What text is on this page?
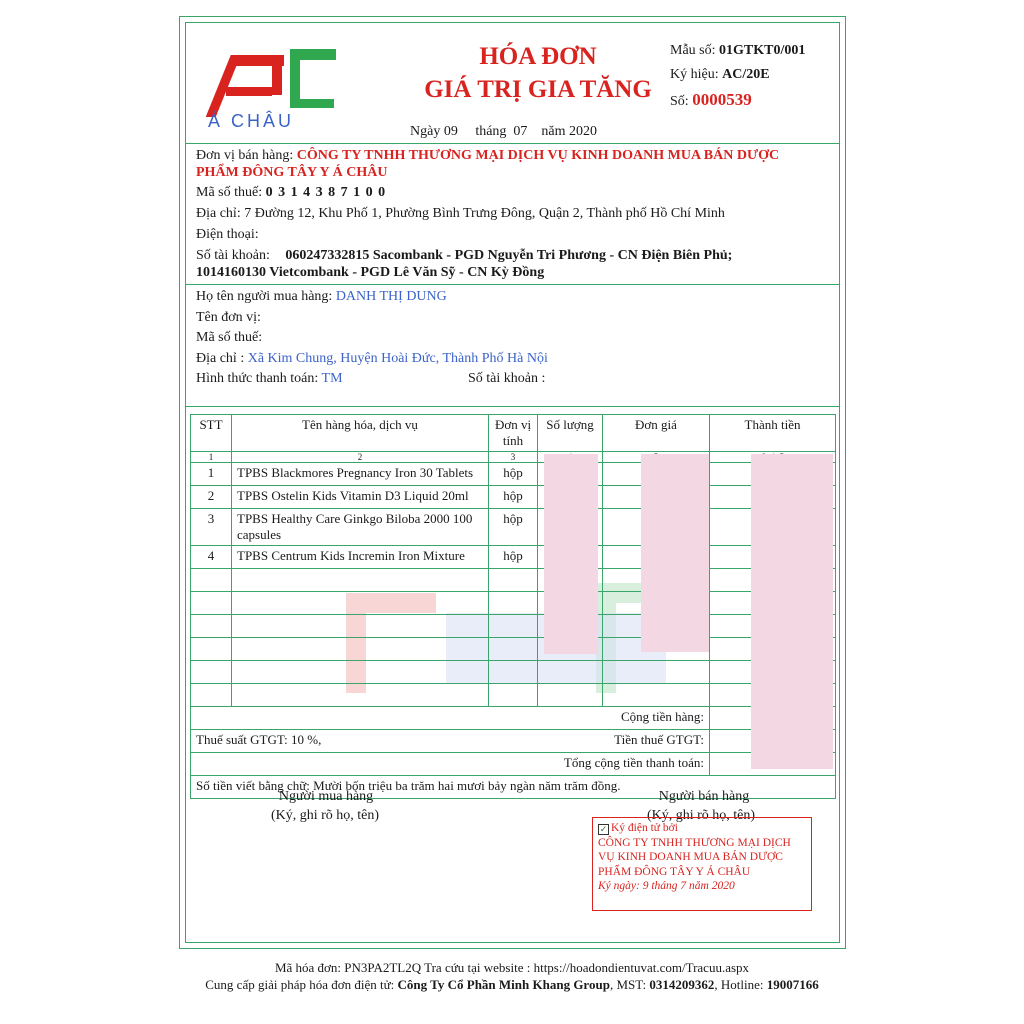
Á CHÂU
HÓA ĐƠN
GIÁ TRỊ GIA TĂNG
Mẫu số: 01GTKT0/001
Ký hiệu: AC/20E
Số: 0000539
Ngày 09     tháng  07    năm 2020
Đơn vị bán hàng: CÔNG TY TNHH THƯƠNG MẠI DỊCH VỤ KINH DOANH MUA BÁN DƯỢC
PHẨM ĐÔNG TÂY Y Á CHÂU
Mã số thuế: 0 3 1 4 3 8 7 1 0 0
Địa chỉ: 7 Đường 12, Khu Phố 1, Phường Bình Trưng Đông, Quận 2, Thành phố Hồ Chí Minh
Điện thoại:
Số tài khoản: 060247332815 Sacombank - PGD Nguyễn Tri Phương - CN Điện Biên Phủ;
1014160130 Vietcombank - PGD Lê Văn Sỹ - CN Kỳ Đồng
Họ tên người mua hàng: DANH THỊ DUNG
Tên đơn vị:
Mã số thuế:
Địa chỉ : Xã Kim Chung, Huyện Hoài Đức, Thành Phố Hà Nội
Hình thức thanh toán: TM	Số tài khoản :
STT	Tên hàng hóa, dịch vụ	Đơn vị tính	Số lượng	Đơn giá	Thành tiền
1	2	3			
1	TPBS Blackmores Pregnancy Iron 30 Tablets	hộp			
2	TPBS Ostelin Kids Vitamin D3 Liquid 20ml	hộp			
3	TPBS Healthy Care Ginkgo Biloba 2000 100 capsules	hộp			
4	TPBS Centrum Kids Incremin Iron Mixture	hộp			

Cộng tiền hàng:					
Thuế suất GTGT: 10 %,		Tiền thuế GTGT:			
Tổng cộng tiền thanh toán:					
Số tiền viết bằng chữ: Mười bốn triệu ba trăm hai mươi bảy ngàn năm trăm đồng.					
Người mua hàng
(Ký, ghi rõ họ, tên)
Người bán hàng
(Ký, ghi rõ họ, tên)
✓ Ký điện tử bởi
CÔNG TY TNHH THƯƠNG MẠI DỊCH VỤ KINH DOANH MUA BÁN DƯỢC PHẨM ĐÔNG TÂY Y Á CHÂU
Ký ngày: 9 tháng 7 năm 2020
Mã hóa đơn: PN3PA2TL2Q Tra cứu tại website : https://hoadondientuvat.com/Tracuu.aspx
Cung cấp giải pháp hóa đơn điện tử: Công Ty Cổ Phần Minh Khang Group, MST: 0314209362, Hotline: 19007166
